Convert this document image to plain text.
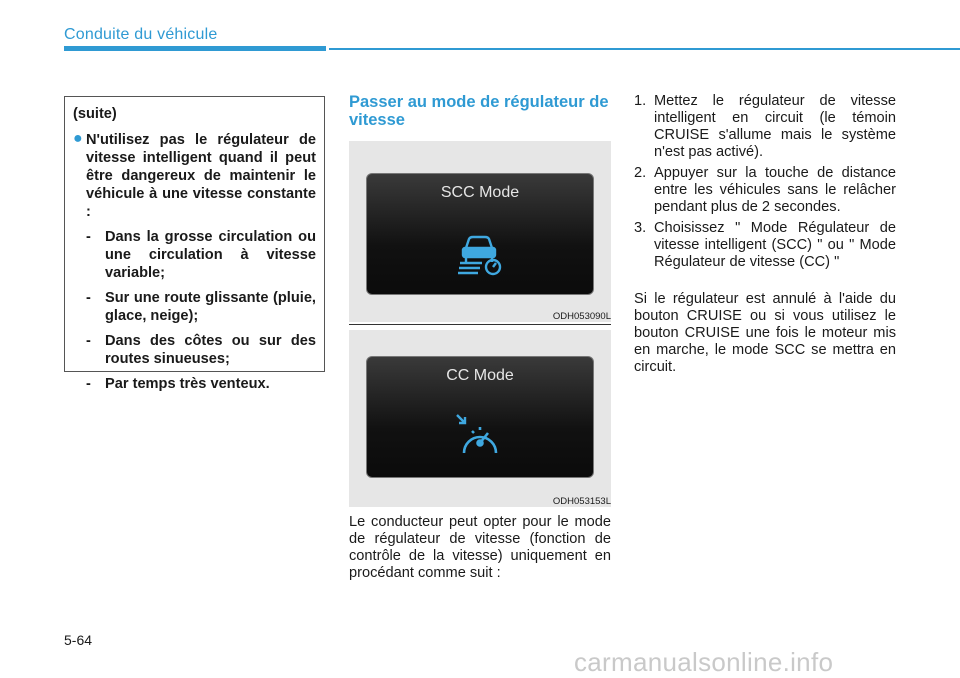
Conduite du véhicule

(suite)

● N'utilisez pas le régulateur de vitesse intelligent quand il peut être dangereux de maintenir le véhicule à une vitesse constante :
- Dans la grosse circulation ou une circulation à vitesse variable;
- Sur une route glissante (pluie, glace, neige);
- Dans des côtes ou sur des routes sinueuses;
- Par temps très venteux.
Passer au mode de régulateur de vitesse
SCC Mode
ODH053090L
CC Mode
ODH053153L
Le conducteur peut opter pour le mode de régulateur de vitesse (fonction de contrôle de la vitesse) uniquement en procédant comme suit :
1. Mettez le régulateur de vitesse intelligent en circuit (le témoin CRUISE s'allume mais le système n'est pas activé).
2. Appuyer sur la touche de distance entre les véhicules sans le relâcher pendant plus de 2 secondes.
3. Choisissez " Mode Régulateur de vitesse intelligent (SCC) " ou " Mode Régulateur de vitesse (CC) "
Si le régulateur est annulé à l'aide du bouton CRUISE ou si vous utilisez le bouton CRUISE une fois le moteur mis en marche, le mode SCC se mettra en circuit.
5-64
carmanualsonline.info
